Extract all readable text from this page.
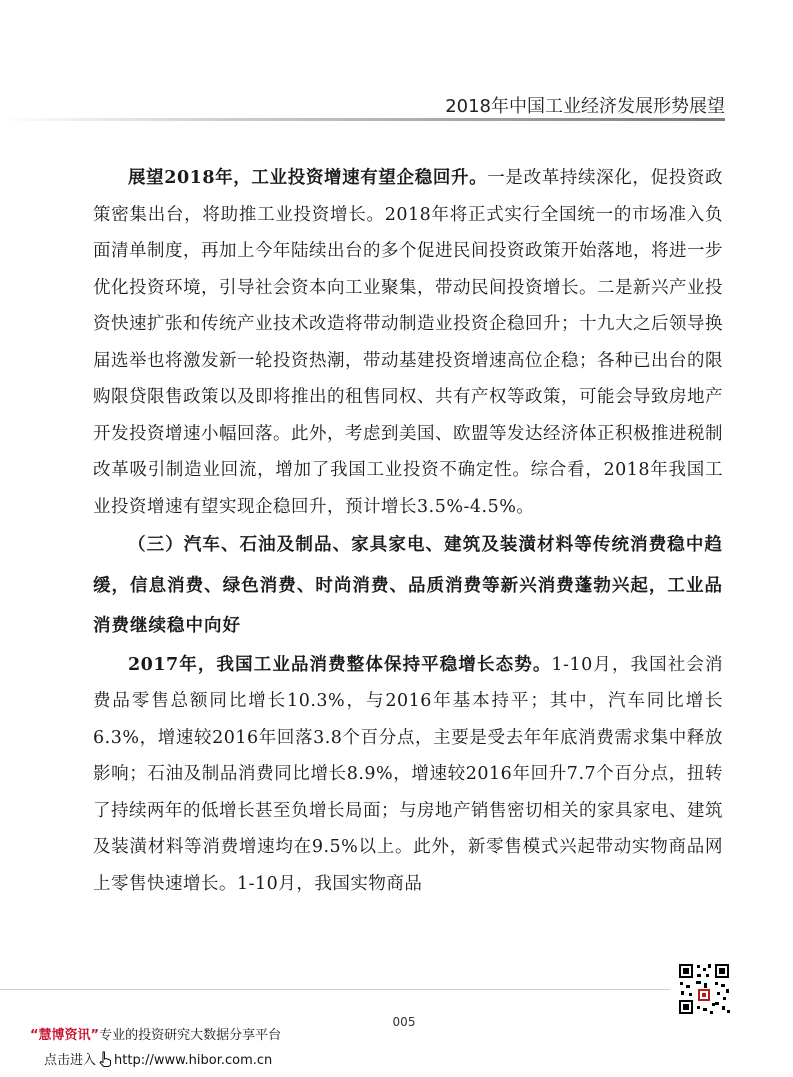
2018年中国工业经济发展形势展望

展望2018年，工业投资增速有望企稳回升。一是改革持续深化，促投资政策密集出台，将助推工业投资增长。2018年将正式实行全国统一的市场准入负面清单制度，再加上今年陆续出台的多个促进民间投资政策开始落地，将进一步优化投资环境，引导社会资本向工业聚集，带动民间投资增长。二是新兴产业投资快速扩张和传统产业技术改造将带动制造业投资企稳回升；十九大之后领导换届选举也将激发新一轮投资热潮，带动基建投资增速高位企稳；各种已出台的限购限贷限售政策以及即将推出的租售同权、共有产权等政策，可能会导致房地产开发投资增速小幅回落。此外，考虑到美国、欧盟等发达经济体正积极推进税制改革吸引制造业回流，增加了我国工业投资不确定性。综合看，2018年我国工业投资增速有望实现企稳回升，预计增长3.5%-4.5%。

（三）汽车、石油及制品、家具家电、建筑及装潢材料等传统消费稳中趋缓，信息消费、绿色消费、时尚消费、品质消费等新兴消费蓬勃兴起，工业品消费继续稳中向好

2017年，我国工业品消费整体保持平稳增长态势。1-10月，我国社会消费品零售总额同比增长10.3%，与2016年基本持平；其中，汽车同比增长6.3%，增速较2016年回落3.8个百分点，主要是受去年年底消费需求集中释放影响；石油及制品消费同比增长8.9%，增速较2016年回升7.7个百分点，扭转了持续两年的低增长甚至负增长局面；与房地产销售密切相关的家具家电、建筑及装潢材料等消费增速均在9.5%以上。此外，新零售模式兴起带动实物商品网上零售快速增长。1-10月，我国实物商品

005
“慧博资讯”专业的投资研究大数据分享平台
点击进入 http://www.hibor.com.cn
